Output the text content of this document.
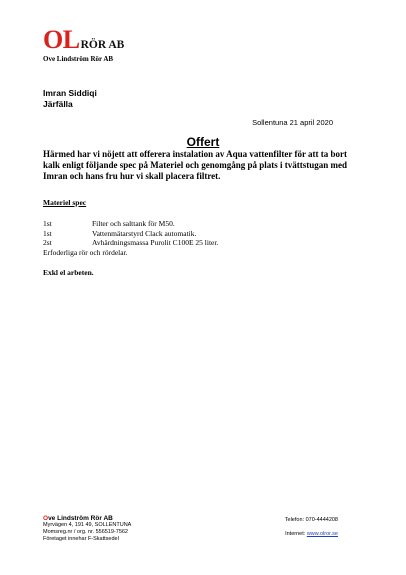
OLRÖR AB
Ove Lindström Rör AB
Imran Siddiqi
Järfälla
Sollentuna 21 april 2020
Offert
Härmed har vi nöjett att offerera instalation av Aqua vattenfilter för att ta bort kalk enligt följande spec på Materiel och genomgång på plats i tvättstugan med Imran och hans fru hur vi skall placera filtret.
Materiel spec
1st	Filter och salttank för M50.
1st	Vattenmätarstyrd Clack automatik.
2st	Avhärdningsmassa Purolit C100E 25 liter.
Erfoderliga rör och rördelar.
Exkl el arbeten.
Ove Lindström Rör AB
Myrvägen 4, 191 49, SOLLENTUNA
Momsreg.nr / org. nr. 556519-7562
Företaget innehar F-Skattsedel
Telefon: 070-4444208
Internet: www.olror.se
